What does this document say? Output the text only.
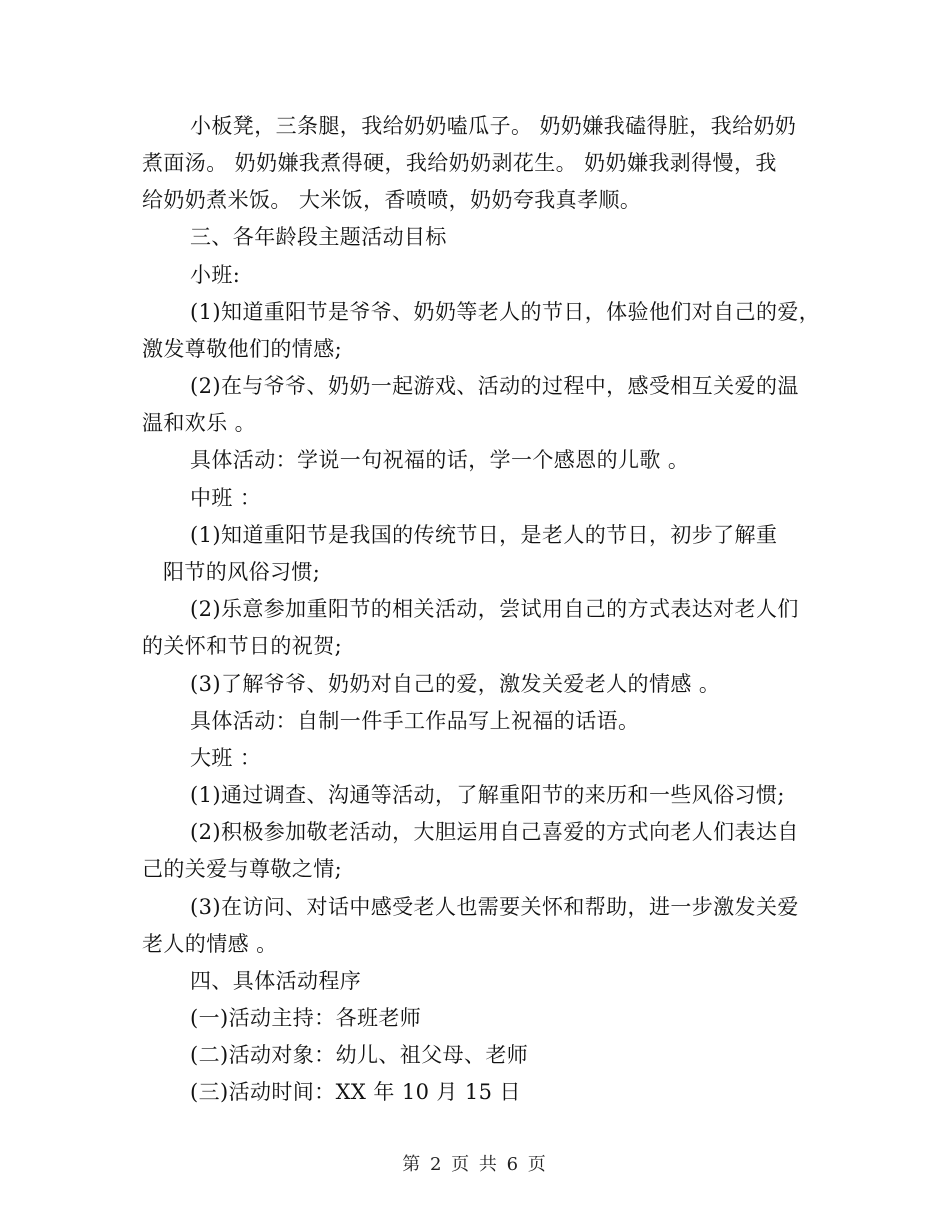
小板凳，三条腿，我给奶奶嗑瓜子。 奶奶嫌我磕得脏，我给奶奶
煮面汤。 奶奶嫌我煮得硬，我给奶奶剥花生。 奶奶嫌我剥得慢，我
给奶奶煮米饭。 大米饭，香喷喷，奶奶夸我真孝顺。
三、各年龄段主题活动目标
小班:
(1)知道重阳节是爷爷、奶奶等老人的节日，体验他们对自己的爱，
激发尊敬他们的情感;
(2)在与爷爷、奶奶一起游戏、活动的过程中，感受相互关爱的温
温和欢乐 。
具体活动：学说一句祝福的话，学一个感恩的儿歌 。
中班 ：
(1)知道重阳节是我国的传统节日，是老人的节日，初步了解重
阳节的风俗习惯;
(2)乐意参加重阳节的相关活动，尝试用自己的方式表达对老人们
的关怀和节日的祝贺;
(3)了解爷爷、奶奶对自己的爱，激发关爱老人的情感 。
具体活动：自制一件手工作品写上祝福的话语。
大班 ：
(1)通过调查、沟通等活动，了解重阳节的来历和一些风俗习惯;
(2)积极参加敬老活动，大胆运用自己喜爱的方式向老人们表达自
己的关爱与尊敬之情;
(3)在访问、对话中感受老人也需要关怀和帮助，进一步激发关爱
老人的情感 。
四、具体活动程序
(一)活动主持：各班老师
(二)活动对象：幼儿、祖父母、老师
(三)活动时间：XX 年 10 月 15 日
第 2 页 共 6 页
